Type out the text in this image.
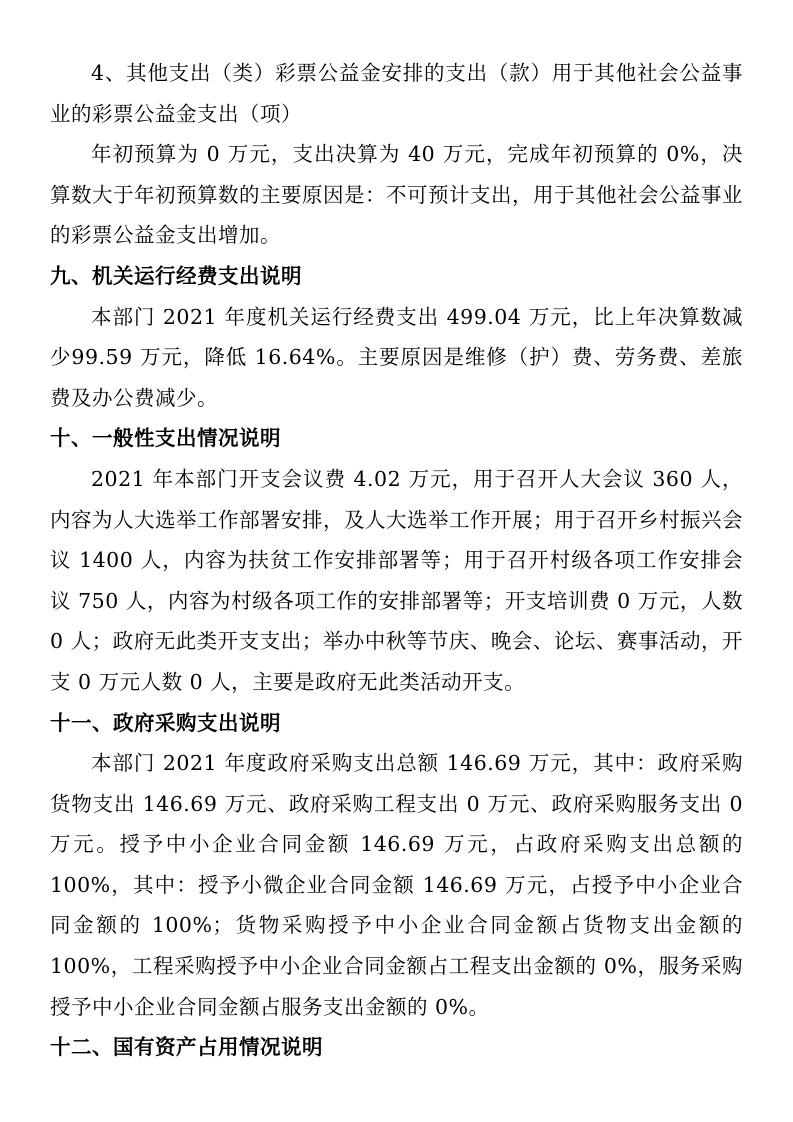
4、其他支出（类）彩票公益金安排的支出（款）用于其他社会公益事业的彩票公益金支出（项）

年初预算为 0 万元，支出决算为 40 万元，完成年初预算的 0%，决算数大于年初预算数的主要原因是：不可预计支出，用于其他社会公益事业的彩票公益金支出增加。

九、机关运行经费支出说明

本部门 2021 年度机关运行经费支出 499.04 万元，比上年决算数减少99.59 万元，降低 16.64%。主要原因是维修（护）费、劳务费、差旅费及办公费减少。

十、一般性支出情况说明

2021 年本部门开支会议费 4.02 万元，用于召开人大会议 360 人，内容为人大选举工作部署安排，及人大选举工作开展；用于召开乡村振兴会议 1400 人，内容为扶贫工作安排部署等；用于召开村级各项工作安排会议 750 人，内容为村级各项工作的安排部署等；开支培训费 0 万元，人数 0 人；政府无此类开支支出；举办中秋等节庆、晚会、论坛、赛事活动，开支 0 万元人数 0 人，主要是政府无此类活动开支。

十一、政府采购支出说明

本部门 2021 年度政府采购支出总额 146.69 万元，其中：政府采购货物支出 146.69 万元、政府采购工程支出 0 万元、政府采购服务支出 0 万元。授予中小企业合同金额 146.69 万元，占政府采购支出总额的 100%，其中：授予小微企业合同金额 146.69 万元，占授予中小企业合同金额的 100%；货物采购授予中小企业合同金额占货物支出金额的 100%，工程采购授予中小企业合同金额占工程支出金额的 0%，服务采购授予中小企业合同金额占服务支出金额的 0%。

十二、国有资产占用情况说明
